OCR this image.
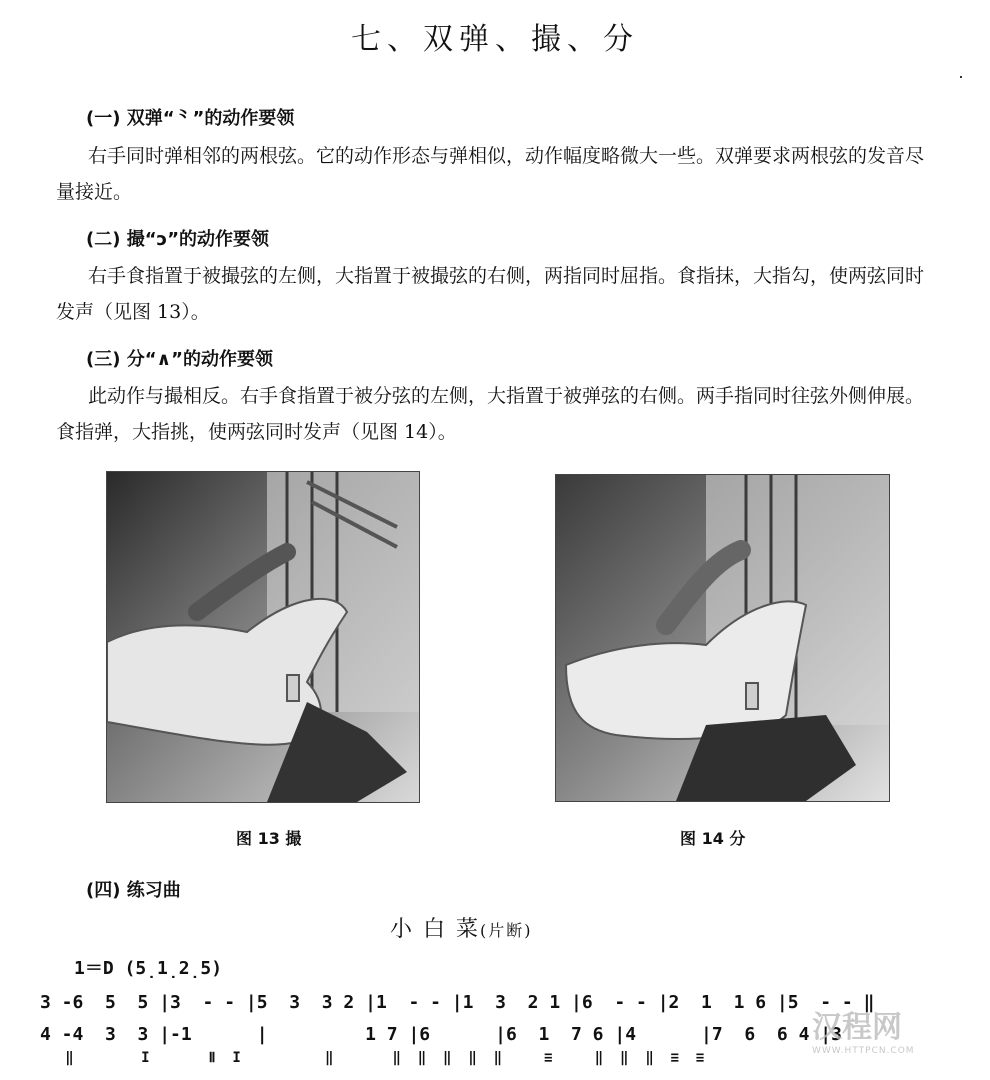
七、双弹、撮、分
(一) 双弹“⺀”的动作要领
右手同时弹相邻的两根弦。它的动作形态与弹相似，动作幅度略微大一些。双弹要求两根弦的发音尽量接近。
(二) 撮“ɔ”的动作要领
右手食指置于被撮弦的左侧，大指置于被撮弦的右侧，两指同时屈指。食指抹，大指勾，使两弦同时发声（见图 13）。
(三) 分“∧”的动作要领
此动作与撮相反。右手食指置于被分弦的左侧，大指置于被弹弦的右侧。两手指同时往弦外侧伸展。食指弹，大指挑，使两弦同时发声（见图 14）。
图 13 撮	图 14 分
(四) 练习曲
小 白 菜(片断)
1＝D (5̣1̣2̣5)
3 -6  5  5 |3  - - |5  3  3 2 |1  - - |1  3  2 1 |6  - - |2  1  1 6 |5  ‐ ‐ ‖
4 -4  3  3 |-1      |         1 7 |6      |6  1  7 6 |4      |7  6  6 4 |3
‖        I       Ⅱ  I          ‖       ‖  ‖  ‖  ‖  ‖     ≡     ‖  ‖  ‖  ≡  ≡
汉程网
WWW.HTTPCN.COM
